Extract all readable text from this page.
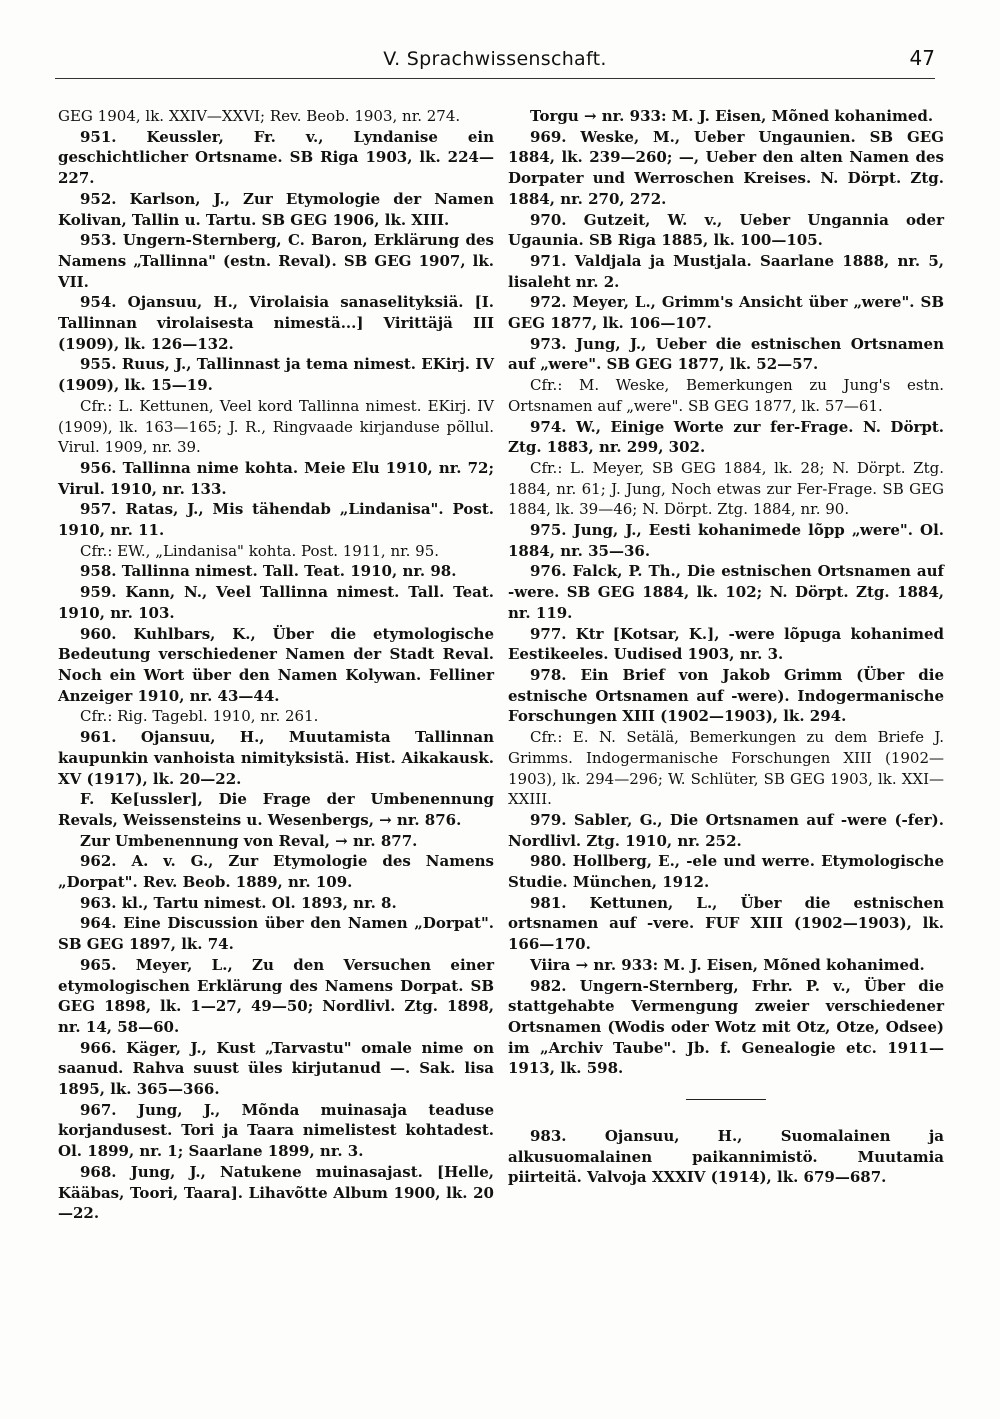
V. Sprachwissenschaft.	47

GEG 1904, lk. XXIV—XXVI; Rev. Beob. 1903, nr. 274.

951. Keussler, Fr. v., Lyndanise ein geschichtlicher Ortsname. SB Riga 1903, lk. 224—227.

952. Karlson, J., Zur Etymologie der Namen Kolivan, Tallin u. Tartu. SB GEG 1906, lk. XIII.

953. Ungern-Sternberg, C. Baron, Erklärung des Namens „Tallinna" (estn. Reval). SB GEG 1907, lk. VII.

954. Ojansuu, H., Virolaisia sanaselityksiä. [I. Tallinnan virolaisesta nimestä...] Virittäjä III (1909), lk. 126—132.

955. Ruus, J., Tallinnast ja tema nimest. EKirj. IV (1909), lk. 15—19.

Cfr.: L. Kettunen, Veel kord Tallinna nimest. EKirj. IV (1909), lk. 163—165; J. R., Ringvaade kirjanduse põllul. Virul. 1909, nr. 39.

956. Tallinna nime kohta. Meie Elu 1910, nr. 72; Virul. 1910, nr. 133.

957. Ratas, J., Mis tähendab „Lindanisa". Post. 1910, nr. 11.

Cfr.: EW., „Lindanisa" kohta. Post. 1911, nr. 95.

958. Tallinna nimest. Tall. Teat. 1910, nr. 98.

959. Kann, N., Veel Tallinna nimest. Tall. Teat. 1910, nr. 103.

960. Kuhlbars, K., Über die etymologische Bedeutung verschiedener Namen der Stadt Reval. Noch ein Wort über den Namen Kolywan. Felliner Anzeiger 1910, nr. 43—44.

Cfr.: Rig. Tagebl. 1910, nr. 261.

961. Ojansuu, H., Muutamista Tallinnan kaupunkin vanhoista nimityksistä. Hist. Aikakausk. XV (1917), lk. 20—22.

F. Ke[ussler], Die Frage der Umbenennung Revals, Weissensteins u. Wesenbergs, → nr. 876.

Zur Umbenennung von Reval, → nr. 877.

962. A. v. G., Zur Etymologie des Namens „Dorpat". Rev. Beob. 1889, nr. 109.

963. kl., Tartu nimest. Ol. 1893, nr. 8.

964. Eine Discussion über den Namen „Dorpat". SB GEG 1897, lk. 74.

965. Meyer, L., Zu den Versuchen einer etymologischen Erklärung des Namens Dorpat. SB GEG 1898, lk. 1—27, 49—50; Nordlivl. Ztg. 1898, nr. 14, 58—60.

966. Käger, J., Kust „Tarvastu" omale nime on saanud. Rahva suust üles kirjutanud —. Sak. lisa 1895, lk. 365—366.

967. Jung, J., Mõnda muinasaja teaduse korjandusest. Tori ja Taara nimelistest kohtadest. Ol. 1899, nr. 1; Saarlane 1899, nr. 3.

968. Jung, J., Natukene muinasajast. [Helle, Kääbas, Toori, Taara]. Lihavõtte Album 1900, lk. 20—22.

Torgu → nr. 933: M. J. Eisen, Mõned kohanimed.

969. Weske, M., Ueber Ungaunien. SB GEG 1884, lk. 239—260; —, Ueber den alten Namen des Dorpater und Werroschen Kreises. N. Dörpt. Ztg. 1884, nr. 270, 272.

970. Gutzeit, W. v., Ueber Ungannia oder Ugaunia. SB Riga 1885, lk. 100—105.

971. Valdjala ja Mustjala. Saarlane 1888, nr. 5, lisaleht nr. 2.

972. Meyer, L., Grimm's Ansicht über „were". SB GEG 1877, lk. 106—107.

973. Jung, J., Ueber die estnischen Ortsnamen auf „were". SB GEG 1877, lk. 52—57.

Cfr.: M. Weske, Bemerkungen zu Jung's estn. Ortsnamen auf „were". SB GEG 1877, lk. 57—61.

974. W., Einige Worte zur fer-Frage. N. Dörpt. Ztg. 1883, nr. 299, 302.

Cfr.: L. Meyer, SB GEG 1884, lk. 28; N. Dörpt. Ztg. 1884, nr. 61; J. Jung, Noch etwas zur Fer-Frage. SB GEG 1884, lk. 39—46; N. Dörpt. Ztg. 1884, nr. 90.

975. Jung, J., Eesti kohanimede lõpp „were". Ol. 1884, nr. 35—36.

976. Falck, P. Th., Die estnischen Ortsnamen auf -were. SB GEG 1884, lk. 102; N. Dörpt. Ztg. 1884, nr. 119.

977. Ktr [Kotsar, K.], -were lõpuga kohanimed Eestikeeles. Uudised 1903, nr. 3.

978. Ein Brief von Jakob Grimm (Über die estnische Ortsnamen auf -were). Indogermanische Forschungen XIII (1902—1903), lk. 294.

Cfr.: E. N. Setälä, Bemerkungen zu dem Briefe J. Grimms. Indogermanische Forschungen XIII (1902—1903), lk. 294—296; W. Schlüter, SB GEG 1903, lk. XXI—XXIII.

979. Sabler, G., Die Ortsnamen auf -were (-fer). Nordlivl. Ztg. 1910, nr. 252.

980. Hollberg, E., -ele und werre. Etymologische Studie. München, 1912.

981. Kettunen, L., Über die estnischen ortsnamen auf -vere. FUF XIII (1902—1903), lk. 166—170.

Viira → nr. 933: M. J. Eisen, Mõned kohanimed.

982. Ungern-Sternberg, Frhr. P. v., Über die stattgehabte Vermengung zweier verschiedener Ortsnamen (Wodis oder Wotz mit Otz, Otze, Odsee) im „Archiv Taube". Jb. f. Genealogie etc. 1911—1913, lk. 598.

983. Ojansuu, H., Suomalainen ja alkusuomalainen paikannimistö. Muutamia piirteitä. Valvoja XXXIV (1914), lk. 679—687.
